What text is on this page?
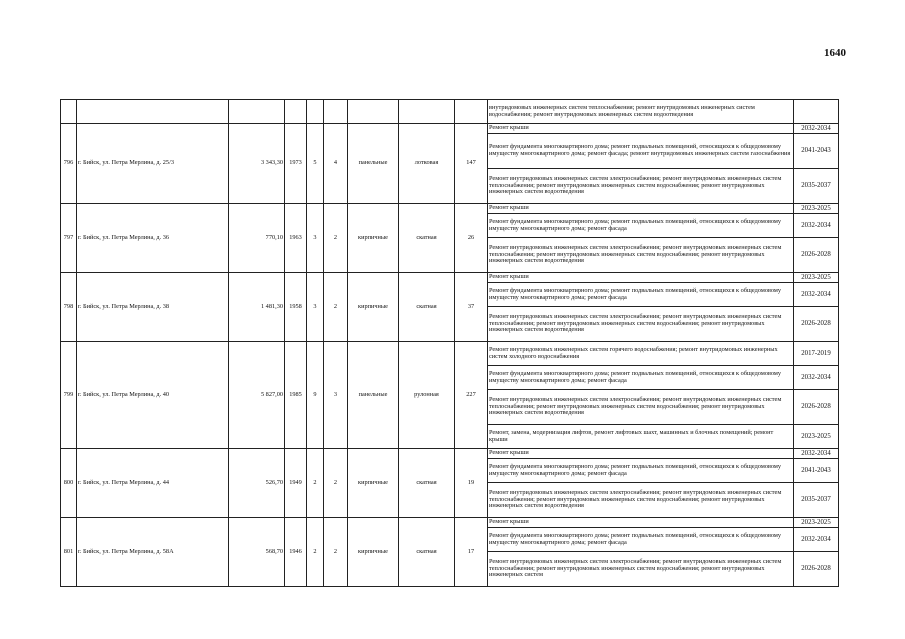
1640
									внутридомовых инженерных систем теплоснабжения; ремонт внутридомовых инженерных систем водоснабжения; ремонт внутридомовых инженерных систем водоотведения	
796	г. Бийск, ул. Петра Мерлина, д. 25/3	3 343,30	1973	5	4	панельные	лотковая	147	Ремонт крыши	2032-2034
									Ремонт фундамента многоквартирного дома; ремонт подвальных помещений, относящихся к общедомовому имуществу многоквартирного дома; ремонт фасада; ремонт внутридомовых инженерных систем газоснабжения	2041-2043
									Ремонт внутридомовых инженерных систем электроснабжения; ремонт внутридомовых инженерных систем теплоснабжения; ремонт внутридомовых инженерных систем водоснабжения; ремонт внутридомовых инженерных систем водоотведения	2035-2037
797	г. Бийск, ул. Петра Мерлина, д. 36	770,10	1963	3	2	кирпичные	скатная	26	Ремонт крыши	2023-2025
									Ремонт фундамента многоквартирного дома; ремонт подвальных помещений, относящихся к общедомовому имуществу многоквартирного дома; ремонт фасада	2032-2034
									Ремонт внутридомовых инженерных систем электроснабжения; ремонт внутридомовых инженерных систем теплоснабжения; ремонт внутридомовых инженерных систем водоснабжения; ремонт внутридомовых инженерных систем водоотведения	2026-2028
798	г. Бийск, ул. Петра Мерлина, д. 38	1 481,30	1958	3	2	кирпичные	скатная	37	Ремонт крыши	2023-2025
									Ремонт фундамента многоквартирного дома; ремонт подвальных помещений, относящихся к общедомовому имуществу многоквартирного дома; ремонт фасада	2032-2034
									Ремонт внутридомовых инженерных систем электроснабжения; ремонт внутридомовых инженерных систем теплоснабжения; ремонт внутридомовых инженерных систем водоснабжения; ремонт внутридомовых инженерных систем водоотведения	2026-2028
799	г. Бийск, ул. Петра Мерлина, д. 40	5 827,00	1985	9	3	панельные	рулонная	227	Ремонт внутридомовых инженерных систем горячего водоснабжения; ремонт внутридомовых инженерных систем холодного водоснабжения	2017-2019
									Ремонт фундамента многоквартирного дома; ремонт подвальных помещений, относящихся к общедомовому имуществу многоквартирного дома; ремонт фасада	2032-2034
									Ремонт внутридомовых инженерных систем электроснабжения; ремонт внутридомовых инженерных систем теплоснабжения; ремонт внутридомовых инженерных систем водоснабжения; ремонт внутридомовых инженерных систем водоотведения	2026-2028
									Ремонт, замена, модернизация лифтов, ремонт лифтовых шахт, машинных и блочных помещений; ремонт крыши	2023-2025
800	г. Бийск, ул. Петра Мерлина, д. 44	526,70	1949	2	2	кирпичные	скатная	19	Ремонт крыши	2032-2034
									Ремонт фундамента многоквартирного дома; ремонт подвальных помещений, относящихся к общедомовому имуществу многоквартирного дома; ремонт фасада	2041-2043
									Ремонт внутридомовых инженерных систем электроснабжения; ремонт внутридомовых инженерных систем теплоснабжения; ремонт внутридомовых инженерных систем водоснабжения; ремонт внутридомовых инженерных систем водоотведения	2035-2037
801	г. Бийск, ул. Петра Мерлина, д. 58А	568,70	1946	2	2	кирпичные	скатная	17	Ремонт крыши	2023-2025
									Ремонт фундамента многоквартирного дома; ремонт подвальных помещений, относящихся к общедомовому имуществу многоквартирного дома; ремонт фасада	2032-2034
									Ремонт внутридомовых инженерных систем электроснабжения; ремонт внутридомовых инженерных систем теплоснабжения; ремонт внутридомовых инженерных систем водоснабжения; ремонт внутридомовых инженерных систем	2026-2028
